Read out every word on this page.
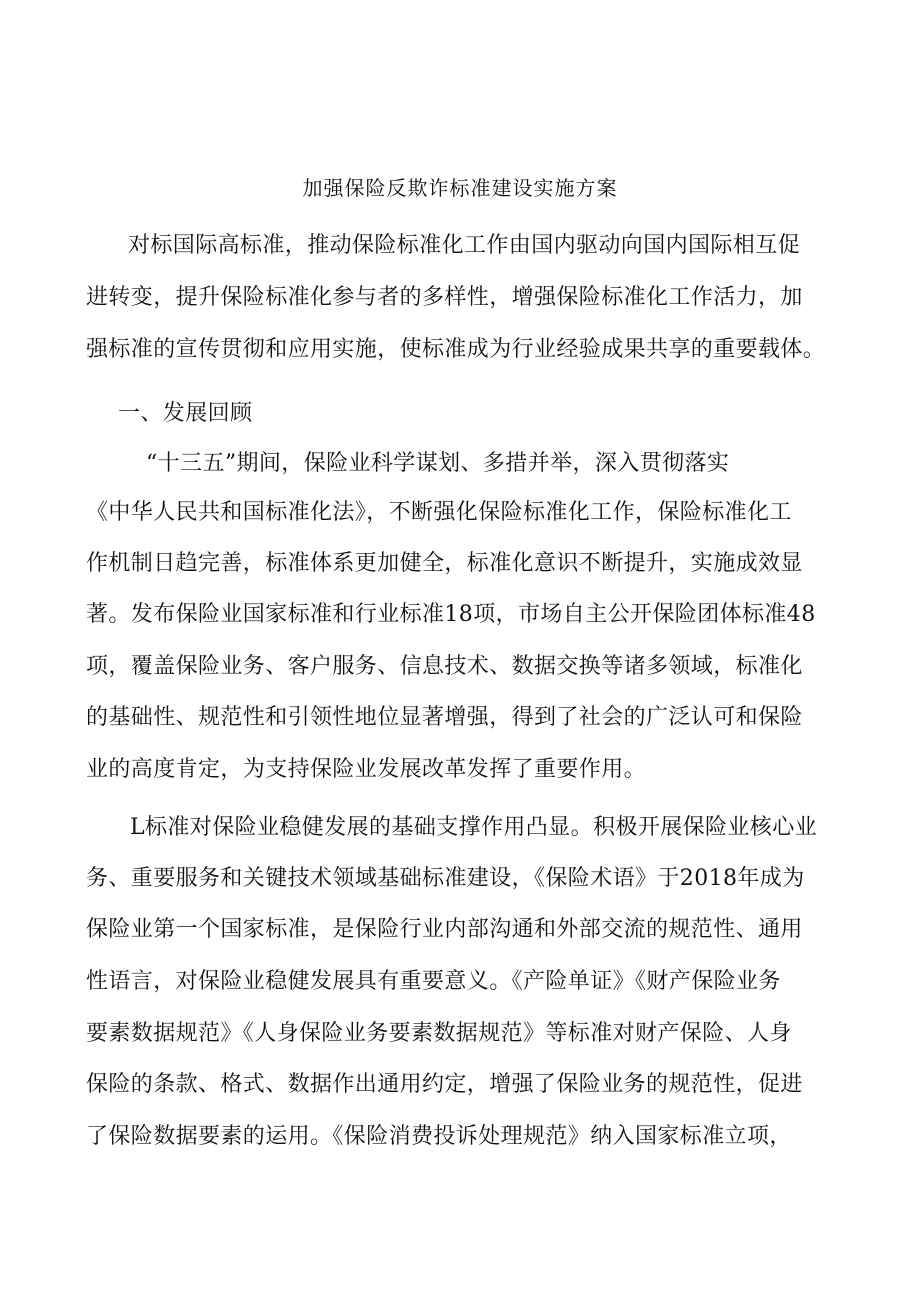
加强保险反欺诈标准建设实施方案
对标国际高标准，推动保险标准化工作由国内驱动向国内国际相互促
进转变，提升保险标准化参与者的多样性，增强保险标准化工作活力，加
强标准的宣传贯彻和应用实施，使标准成为行业经验成果共享的重要载体。
一、发展回顾
“十三五”期间，保险业科学谋划、多措并举，深入贯彻落实
《中华人民共和国标准化法》，不断强化保险标准化工作，保险标准化工
作机制日趋完善，标准体系更加健全，标准化意识不断提升，实施成效显
著。发布保险业国家标准和行业标准18项，市场自主公开保险团体标准48
项，覆盖保险业务、客户服务、信息技术、数据交换等诸多领域，标准化
的基础性、规范性和引领性地位显著增强，得到了社会的广泛认可和保险
业的高度肯定，为支持保险业发展改革发挥了重要作用。
L标准对保险业稳健发展的基础支撑作用凸显。积极开展保险业核心业
务、重要服务和关键技术领域基础标准建设，《保险术语》于2018年成为
保险业第一个国家标准，是保险行业内部沟通和外部交流的规范性、通用
性语言，对保险业稳健发展具有重要意义。《产险单证》《财产保险业务
要素数据规范》《人身保险业务要素数据规范》等标准对财产保险、人身
保险的条款、格式、数据作出通用约定，增强了保险业务的规范性，促进
了保险数据要素的运用。《保险消费投诉处理规范》纳入国家标准立项，
